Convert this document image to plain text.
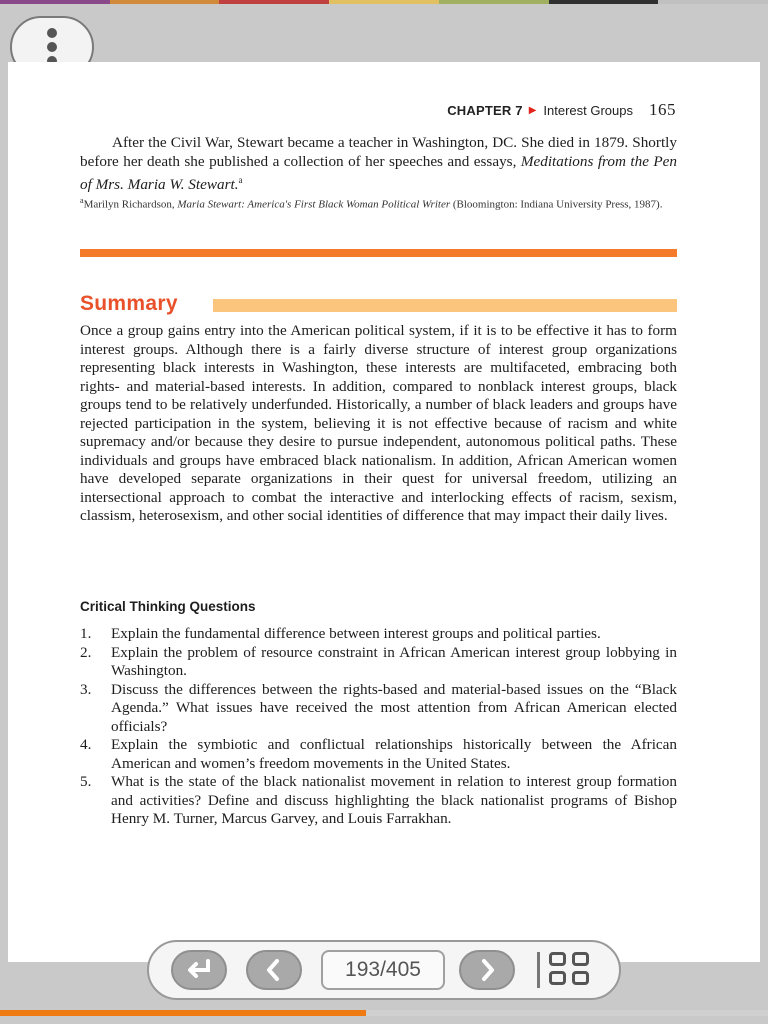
CHAPTER 7 ▶ Interest Groups 165

After the Civil War, Stewart became a teacher in Washington, DC. She died in 1879. Shortly before her death she published a collection of her speeches and essays, Meditations from the Pen of Mrs. Maria W. Stewart.$^a$

$^a$Marilyn Richardson, Maria Stewart: America's First Black Woman Political Writer (Bloomington: Indiana University Press, 1987).
Summary
Once a group gains entry into the American political system, if it is to be effective it has to form interest groups. Although there is a fairly diverse structure of interest group organizations representing black interests in Washington, these interests are multifaceted, embracing both rights- and material-based interests. In addition, compared to nonblack interest groups, black groups tend to be relatively underfunded. Historically, a number of black leaders and groups have rejected participation in the system, believing it is not effective because of racism and white supremacy and/or because they desire to pursue independent, autonomous political paths. These individuals and groups have embraced black nationalism. In addition, African American women have developed separate organizations in their quest for universal freedom, utilizing an intersectional approach to combat the interactive and interlocking effects of racism, sexism, classism, heterosexism, and other social identities of difference that may impact their daily lives.
Critical Thinking Questions
1.	Explain the fundamental difference between interest groups and political parties.
2.	Explain the problem of resource constraint in African American interest group lobbying in Washington.
3.	Discuss the differences between the rights-based and material-based issues on the “Black Agenda.” What issues have received the most attention from African American elected officials?
4.	Explain the symbiotic and conflictual relationships historically between the African American and women’s freedom movements in the United States.
5.	What is the state of the black nationalist movement in relation to interest group formation and activities? Define and discuss highlighting the black nationalist programs of Bishop Henry M. Turner, Marcus Garvey, and Louis Farrakhan.
193/405
